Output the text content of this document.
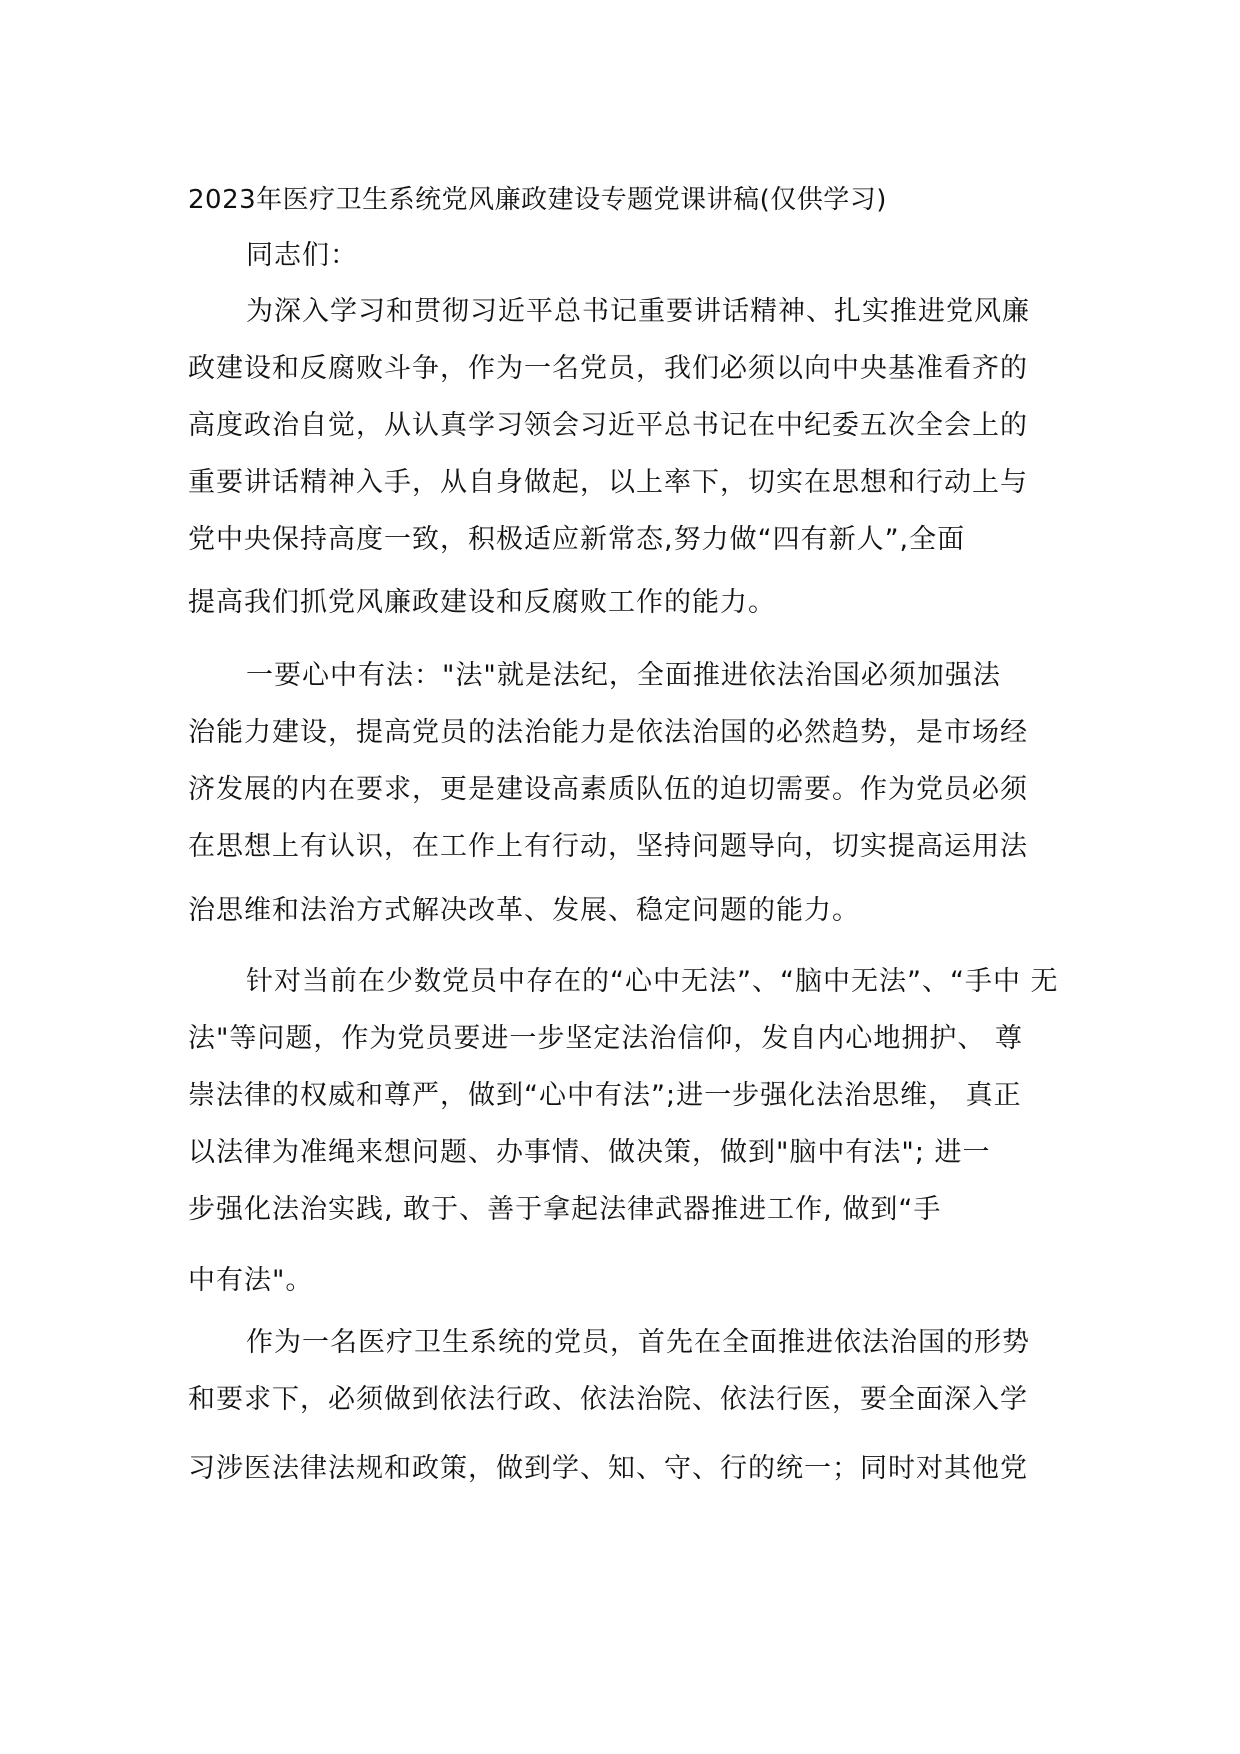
2023年医疗卫生系统党风廉政建设专题党课讲稿(仅供学习)
同志们：
为深入学习和贯彻习近平总书记重要讲话精神、扎实推进党风廉
政建设和反腐败斗争，作为一名党员，我们必须以向中央基准看齐的
高度政治自觉，从认真学习领会习近平总书记在中纪委五次全会上的
重要讲话精神入手，从自身做起，以上率下，切实在思想和行动上与
党中央保持高度一致，积极适应新常态,努力做“四有新人”,全面
提高我们抓党风廉政建设和反腐败工作的能力。
一要心中有法："法"就是法纪，全面推进依法治国必须加强法
治能力建设，提高党员的法治能力是依法治国的必然趋势，是市场经
济发展的内在要求，更是建设高素质队伍的迫切需要。作为党员必须
在思想上有认识，在工作上有行动，坚持问题导向，切实提高运用法
治思维和法治方式解决改革、发展、稳定问题的能力。
针对当前在少数党员中存在的“心中无法”、“脑中无法”、“手中 无
法"等问题，作为党员要进一步坚定法治信仰，发自内心地拥护、 尊
崇法律的权威和尊严，做到“心中有法”;进一步强化法治思维， 真正
以法律为准绳来想问题、办事情、做决策，做到"脑中有法"; 进一
步强化法治实践, 敢于、善于拿起法律武器推进工作, 做到“手
中有法"。
作为一名医疗卫生系统的党员，首先在全面推进依法治国的形势
和要求下，必须做到依法行政、依法治院、依法行医，要全面深入学
习涉医法律法规和政策，做到学、知、守、行的统一；同时对其他党
